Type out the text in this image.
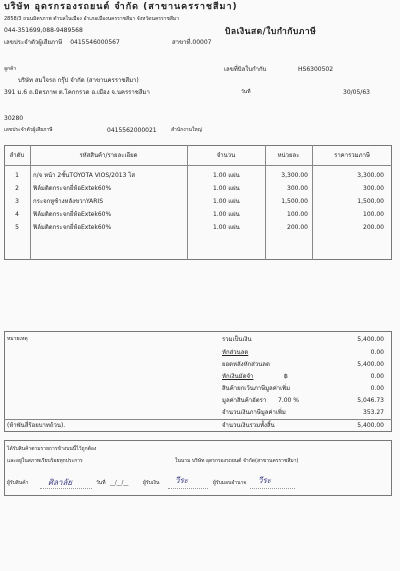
บริษัท อุดรกรองรถยนต์ จำกัด (สาขานครราชสีมา)
2858/3 ถนนมิตรภาพ ตำบลในเมือง อำเภอเมืองนครราชสีมา จังหวัดนครราชสีมา
044-351699,088-9489568	บิลเงินสด/ใบกำกับภาษี
เลขประจำตัวผู้เสียภาษี 0415546000567	สาขาที่.00007
ลูกค้า
บริษัท สมใจรถ กรุ๊ป จำกัด (สาขานครราชสีมา)
391 ม.6 ถ.มิตรภาพ ต.โคกกรวด อ.เมือง จ.นครราชสีมา
เลขที่บิลใบกำกับ	HS6300502
วันที่	30/05/63
30280
เลขประจำตัวผู้เสียภาษี	0415562000021	สำนักงานใหญ่
ลำดับ	รหัสสินค้า/รายละเอียด	จำนวน	หน่วยละ	ราคารวมภาษี
1	ก/จ หน้า 2ชั้นTOYOTA VIOS/2013 ไส	1.00 แผ่น	3,300.00	3,300.00
2	ฟิล์มติดกระจกยี่ห้อExtek60%	1.00 แผ่น	300.00	300.00
3	กระจกหูช้างหลังขวาYARIS	1.00 แผ่น	1,500.00	1,500.00
4	ฟิล์มติดกระจกยี่ห้อExtek60%	1.00 แผ่น	100.00	100.00
5	ฟิล์มติดกระจกยี่ห้อExtek60%	1.00 แผ่น	200.00	200.00
หมายเหตุ	รวมเป็นเงิน	5,400.00
หักส่วนลด	0.00
ยอดหลังหักส่วนลด	5,400.00
หักเงินมัดจำ	฿	0.00
สินค้ายกเว้นภาษีมูลค่าเพิ่ม	0.00
มูลค่าสินค้าอัตรา 7.00 %	5,046.73
จำนวนเงินภาษีมูลค่าเพิ่ม	353.27
(ห้าพันสี่ร้อยบาทถ้วน).	จำนวนเงินรวมทั้งสิ้น	5,400.00
ได้รับสินค้าตามรายการข้างบนนี้ไว้ถูกต้อง
และอยู่ในสภาพเรียบร้อยทุกประการ	ในนาม บริษัท อุดรกรองรถยนต์ จำกัด(สาขานครราชสีมา)
ผู้รับสินค้า ศิลาลัย	วันที่ __/__/__	ผู้รับเงิน วีระ	ผู้รับมอบอำนาจ วีระ
